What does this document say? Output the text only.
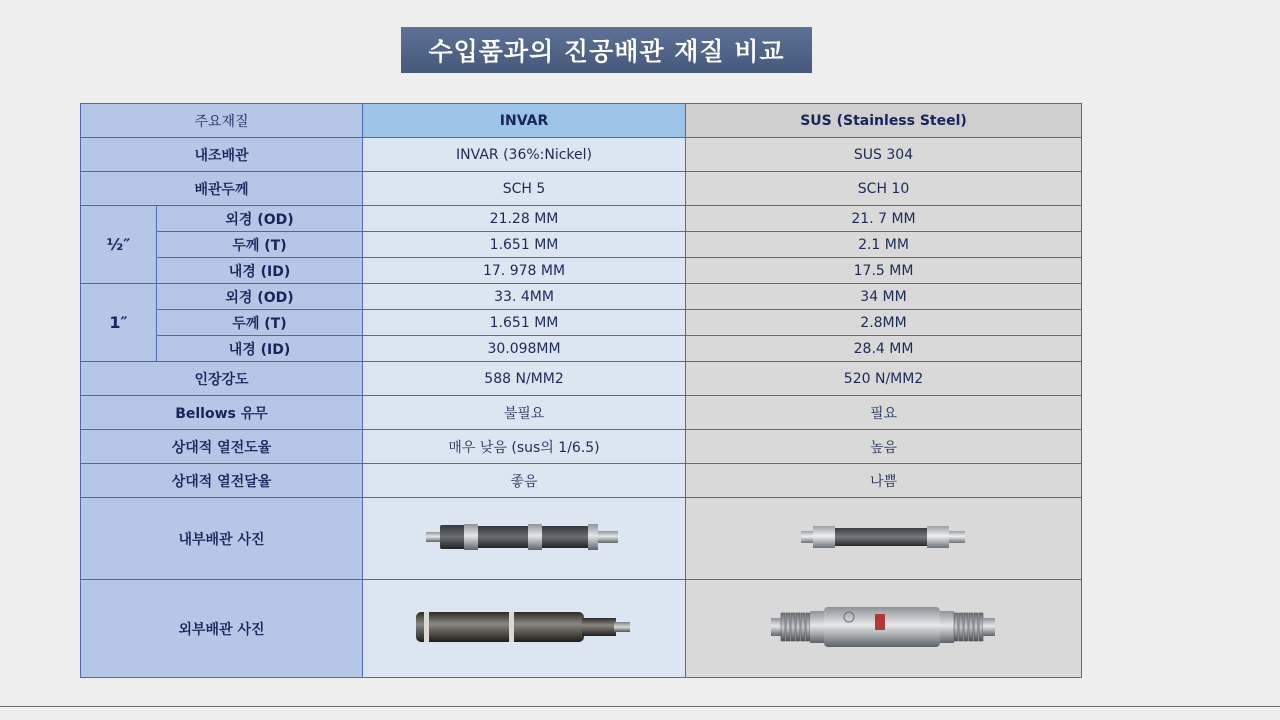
수입품과의 진공배관 재질 비교
주요재질		INVAR	SUS (Stainless Steel)
내조배관		INVAR (36%:Nickel)	SUS 304
배관두께		SCH 5	SCH 10
½″	외경 (OD)	21.28 MM	21. 7 MM
	두께 (T)	1.651 MM	2.1 MM
	내경 (ID)	17. 978 MM	17.5 MM
1″	외경 (OD)	33. 4MM	34 MM
	두께 (T)	1.651 MM	2.8MM
	내경 (ID)	30.098MM	28.4 MM
인장강도		588 N/MM2	520 N/MM2
Bellows 유무		불필요	필요
상대적 열전도율		매우 낮음 (sus의 1/6.5)	높음
상대적 열전달율		좋음	나쁨
내부배관 사진		
외부배관 사진		
